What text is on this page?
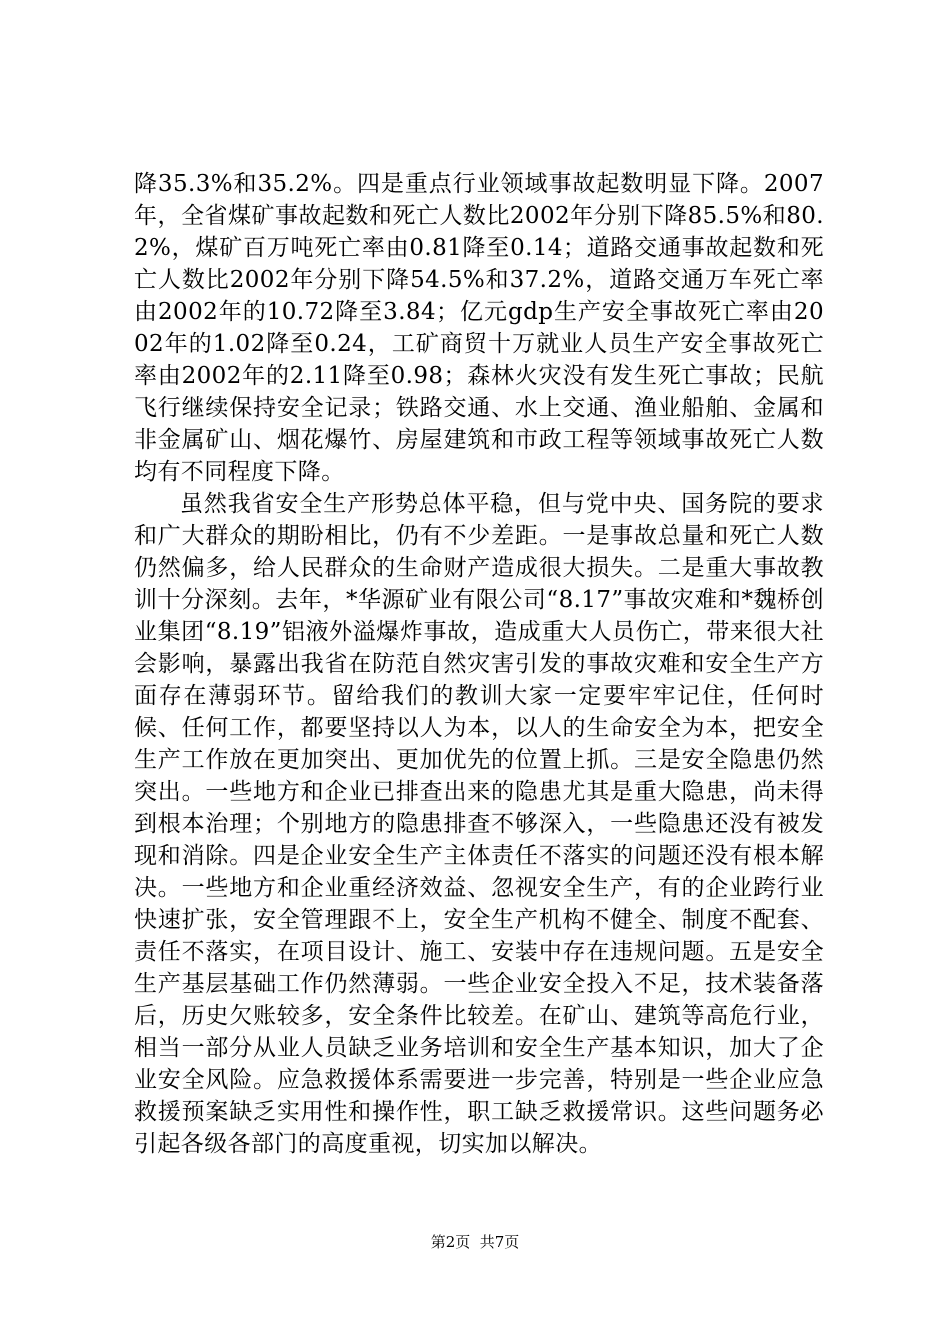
降35.3%和35.2%。四是重点行业领域事故起数明显下降。2007年，全省煤矿事故起数和死亡人数比2002年分别下降85.5%和80.2%，煤矿百万吨死亡率由0.81降至0.14；道路交通事故起数和死亡人数比2002年分别下降54.5%和37.2%，道路交通万车死亡率由2002年的10.72降至3.84；亿元gdp生产安全事故死亡率由2002年的1.02降至0.24，工矿商贸十万就业人员生产安全事故死亡率由2002年的2.11降至0.98；森林火灾没有发生死亡事故；民航飞行继续保持安全记录；铁路交通、水上交通、渔业船舶、金属和非金属矿山、烟花爆竹、房屋建筑和市政工程等领域事故死亡人数均有不同程度下降。

虽然我省安全生产形势总体平稳，但与党中央、国务院的要求和广大群众的期盼相比，仍有不少差距。一是事故总量和死亡人数仍然偏多，给人民群众的生命财产造成很大损失。二是重大事故教训十分深刻。去年，*华源矿业有限公司“8.17”事故灾难和*魏桥创业集团“8.19”铝液外溢爆炸事故，造成重大人员伤亡，带来很大社会影响，暴露出我省在防范自然灾害引发的事故灾难和安全生产方面存在薄弱环节。留给我们的教训大家一定要牢牢记住，任何时候、任何工作，都要坚持以人为本，以人的生命安全为本，把安全生产工作放在更加突出、更加优先的位置上抓。三是安全隐患仍然突出。一些地方和企业已排查出来的隐患尤其是重大隐患，尚未得到根本治理；个别地方的隐患排查不够深入，一些隐患还没有被发现和消除。四是企业安全生产主体责任不落实的问题还没有根本解决。一些地方和企业重经济效益、忽视安全生产，有的企业跨行业快速扩张，安全管理跟不上，安全生产机构不健全、制度不配套、责任不落实，在项目设计、施工、安装中存在违规问题。五是安全生产基层基础工作仍然薄弱。一些企业安全投入不足，技术装备落后，历史欠账较多，安全条件比较差。在矿山、建筑等高危行业，相当一部分从业人员缺乏业务培训和安全生产基本知识，加大了企业安全风险。应急救援体系需要进一步完善，特别是一些企业应急救援预案缺乏实用性和操作性，职工缺乏救援常识。这些问题务必引起各级各部门的高度重视，切实加以解决。

第2页  共7页
